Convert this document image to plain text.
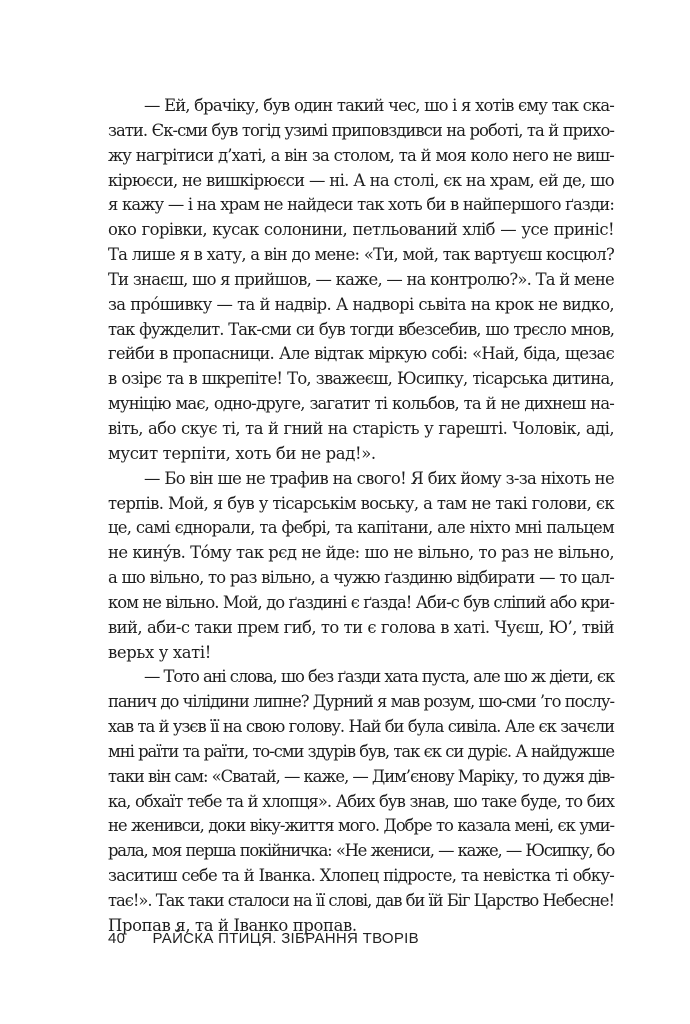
— Ей, брачіку, був один такий чес, шо і я хотів єму так ска-
зати. Єк-сми був тогід узимі приповздивси на роботі, та й прихо-
жу нагрітиси д’хаті, а він за столом, та й моя коло него не виш-
кірюєси, не вишкірюєси — ні. А на столі, єк на храм, ей де, шо
я кажу — і на храм не найдеси так хоть би в найпершого ґазди:
око горівки, кусак солонини, петльований хліб — усе приніс!
Та лише я в хату, а він до мене: «Ти, мой, так вартуєш косцюл?
Ти знаєш, шо я прийшов, — каже, — на контролю?». Та й мене
за прóшивку — та й надвір. А надворі сьвіта на крок не видко,
так фужделит. Так-сми си був тогди вбезсебив, шо трєсло мнов,
гейби в пропасници. Але відтак міркую собі: «Най, біда, щезає
в озірє та в шкрепіте! То, зважеєш, Юсипку, тісарська дитина,
муніцію має, одно-друге, загатит ті кольбов, та й не дихнеш на-
віть, або скує ті, та й гний на старість у гарешті. Чоловік, аді,
мусит терпіти, хоть би не рад!».
— Бо він ше не трафив на свого! Я бих йому з-за ніхоть не
терпів. Мой, я був у тісарськім воську, а там не такі голови, єк
це, самі єднорали, та фебрі, та капітани, але ніхто мні пальцем
не кину́в. То́му так рєд не йде: шо не вільно, то раз не вільно,
а шо вільно, то раз вільно, а чужю ґаздиню відбирати — то цал-
ком не вільно. Мой, до ґаздині є ґазда! Аби-с був сліпий або кри-
вий, аби-с таки прем гиб, то ти є голова в хаті. Чуєш, Ю’, твій
верьх у хаті!
— Тото ані слова, шо без ґазди хата пуста, але шо ж діети, єк
панич до чілідини липне? Дурний я мав розум, шо-сми ’го послу-
хав та й узєв її на свою голову. Най би була сивіла. Але єк зачєли
мні раїти та раїти, то-сми здурів був, так єк си дуріє. А найдужше
таки він сам: «Сватай, — каже, — Дим’єнову Маріку, то дужя дів-
ка, обхаїт тебе та й хлопця». Абих був знав, шо таке буде, то бих
не женивси, доки віку-життя мого. Добре то казала мені, єк уми-
рала, моя перша покійничка: «Не жениси, — каже, — Юсипку, бо
заситиш себе та й Іванка. Хлопец підросте, та невістка ті обку-
тає!». Так таки сталоси на її слові, дав би їй Біг Царство Небесне!
Пропав я, та й Іванко пропав.
40 РАЙСКА ПТИЦЯ. ЗІБРАННЯ ТВОРІВ
